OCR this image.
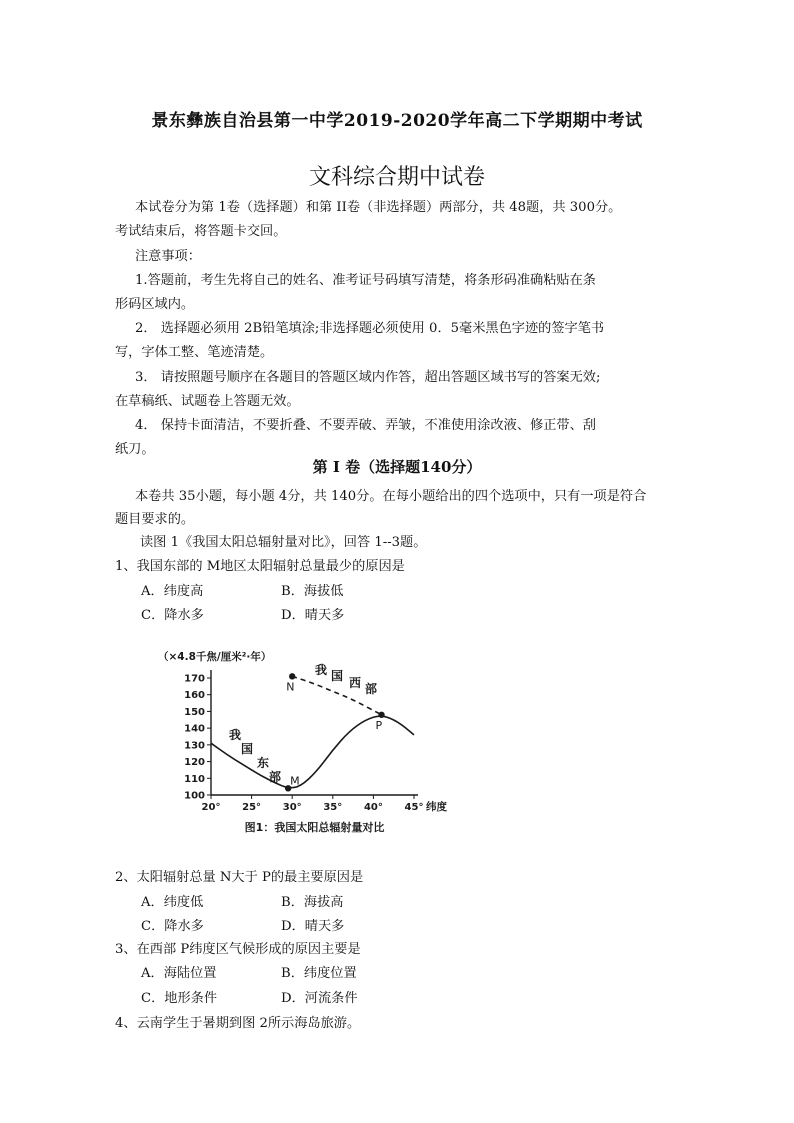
景东彝族自治县第一中学2019-2020学年高二下学期期中考试
文科综合期中试卷
本试卷分为第 1卷（选择题）和第 II卷（非选择题）两部分，共 48题，共 300分。
考试结束后，将答题卡交回。
注意事项：
1.答题前，考生先将自己的姓名、准考证号码填写清楚，将条形码准确粘贴在条
形码区域内。
2． 选择题必须用 2B铅笔填涂;非选择题必须使用 0．5毫米黑色字迹的签字笔书
写，字体工整、笔迹清楚。
3． 请按照题号顺序在各题目的答题区域内作答，超出答题区域书写的答案无效;
在草稿纸、试题卷上答题无效。
4． 保持卡面清洁，不要折叠、不要弄破、弄皱，不准使用涂改液、修正带、刮
纸刀。
第 I 卷（选择题140分）
本卷共 35小题，每小题 4分，共 140分。在每小题给出的四个选项中，只有一项是符合
题目要求的。
读图 1《我国太阳总辐射量对比》，回答 1--3题。
1、我国东部的 M地区太阳辐射总量最少的原因是
A．纬度高	B．海拔低
C．降水多	D．晴天多
100
110
120
130
140
150
160
170
20° 25° 30° 35° 40° 45° 纬度
（×4.8千焦/厘米²·年）
M
N
P
我
国
东
部
我 国 西 部
图1：我国太阳总辐射量对比
2、太阳辐射总量 N大于 P的最主要原因是
A．纬度低	B．海拔高
C．降水多	D．晴天多
3、在西部 P纬度区气候形成的原因主要是
A．海陆位置	B．纬度位置
C．地形条件	D．河流条件
4、云南学生于暑期到图 2所示海岛旅游。
